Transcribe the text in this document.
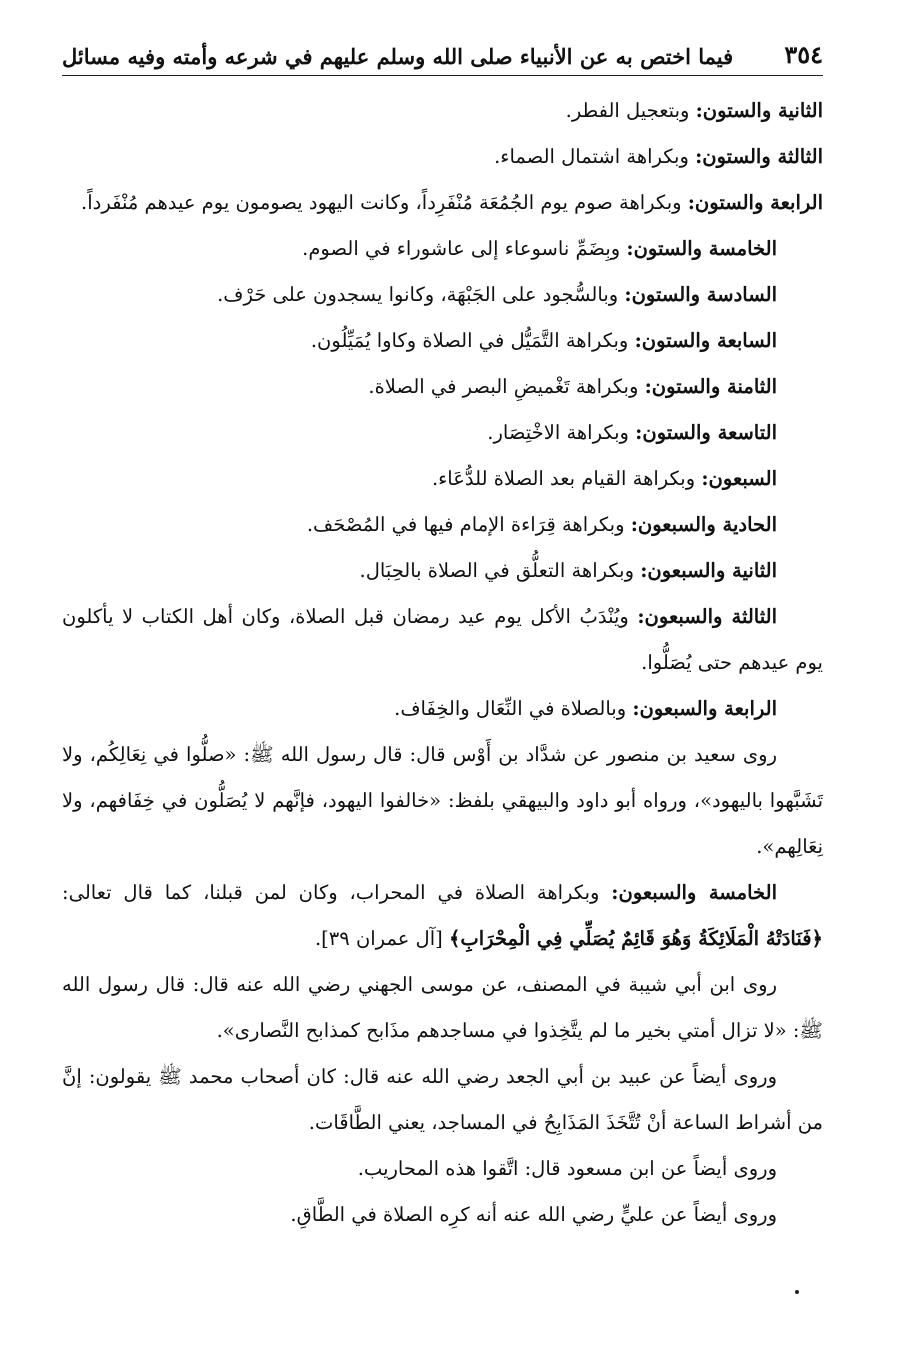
٣٥٤
فيما اختص به عن الأنبياء صلى الله وسلم عليهم في شرعه وأمته وفيه مسائل

الثانية والستون: وبتعجيل الفطر.

الثالثة والستون: وبكراهة اشتمال الصماء.

الرابعة والستون: وبكراهة صوم يوم الجُمُعَة مُنْفَرِداً، وكانت اليهود يصومون يوم عيدهم مُنْفَرداً.

الخامسة والستون: وبِضَمِّ ناسوعاء إلى عاشوراء في الصوم.

السادسة والستون: وبالسُّجود على الجَبْهَة، وكانوا يسجدون على حَرْف.

السابعة والستون: وبكراهة التَّمَيُّل في الصلاة وكاوا يُمَيِّلُون.

الثامنة والستون: وبكراهة تَغْميضِ البصر في الصلاة.

التاسعة والستون: وبكراهة الاخْتِصَار.

السبعون: وبكراهة القيام بعد الصلاة للدُّعَاء.

الحادية والسبعون: وبكراهة قِرَاءة الإمام فيها في المُصْحَف.

الثانية والسبعون: وبكراهة التعلُّق في الصلاة بالحِبَال.

الثالثة والسبعون: ويُنْدَبُ الأكل يوم عيد رمضان قبل الصلاة، وكان أهل الكتاب لا يأكلون يوم عيدهم حتى يُصَلُّوا.

الرابعة والسبعون: وبالصلاة في النِّعَال والخِفَاف.

روى سعيد بن منصور عن شدَّاد بن أَوْس قال: قال رسول الله ﷺ: «صلُّوا في نِعَالِكُم، ولا تَشَبَّهوا باليهود»، ورواه أبو داود والبيهقي بلفظ: «خالفوا اليهود، فإنَّهم لا يُصَلُّون في خِفَافهم، ولا نِعَالِهم».

الخامسة والسبعون: وبكراهة الصلاة في المحراب، وكان لمن قبلنا، كما قال تعالى: ﴿فَنَادَتْهُ الْمَلَائِكَةُ وَهُوَ قَائِمٌ يُصَلِّي فِي الْمِحْرَابِ﴾ [آل عمران ٣٩].

روى ابن أبي شيبة في المصنف، عن موسى الجهني رضي الله عنه قال: قال رسول الله ﷺ: «لا تزال أمتي بخير ما لم يتَّخِذوا في مساجدهم مذَابح كمذابح النَّصارى».

وروى أيضاً عن عبيد بن أبي الجعد رضي الله عنه قال: كان أصحاب محمد ﷺ يقولون: إنَّ من أشراط الساعة أنْ تُتَّخَذَ المَذَابِحُ في المساجد، يعني الطَّاقَات.

وروى أيضاً عن ابن مسعود قال: اتَّقوا هذه المحاريب.

وروى أيضاً عن عليٍّ رضي الله عنه أنه كرِه الصلاة في الطَّاقِ.
